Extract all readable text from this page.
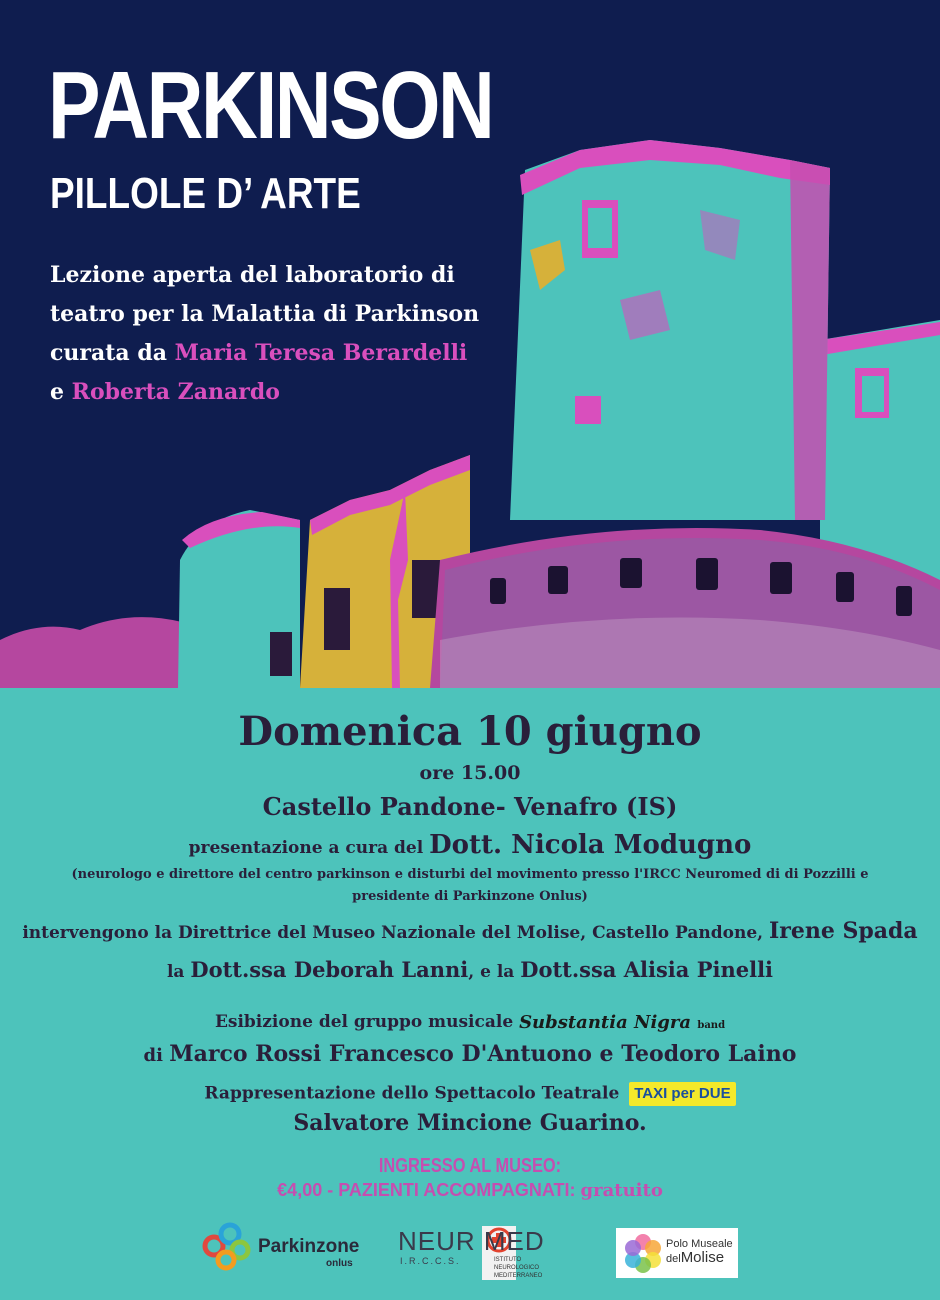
PARKINSON
PILLOLE D’ ARTE
Lezione aperta del laboratorio di
teatro per la Malattia di Parkinson
curata da Maria Teresa Berardelli
e Roberta Zanardo
Domenica 10 giugno
ore 15.00
Castello Pandone- Venafro (IS)
presentazione a cura del Dott. Nicola Modugno
(neurologo e direttore del centro parkinson e disturbi del movimento presso l'IRCC Neuromed di di Pozzilli e
presidente di Parkinzone Onlus)
intervengono la Direttrice del Museo Nazionale del Molise, Castello Pandone, Irene Spada
la Dott.ssa Deborah Lanni, e la Dott.ssa Alisia Pinelli
Esibizione del gruppo musicale Substantia Nigra band
di Marco Rossi Francesco D'Antuono e Teodoro Laino
Rappresentazione dello Spettacolo Teatrale TAXI per DUE
Salvatore Mincione Guarino.
INGRESSO AL MUSEO:
€4,00 - PAZIENTI ACCOMPAGNATI: gratuito
Parkinzone
onlus
NEUR MED
I.R.C.C.S.	ISTITUTO NEUROLOGICO MEDITERRANEO
Polo Museale
delMolise
